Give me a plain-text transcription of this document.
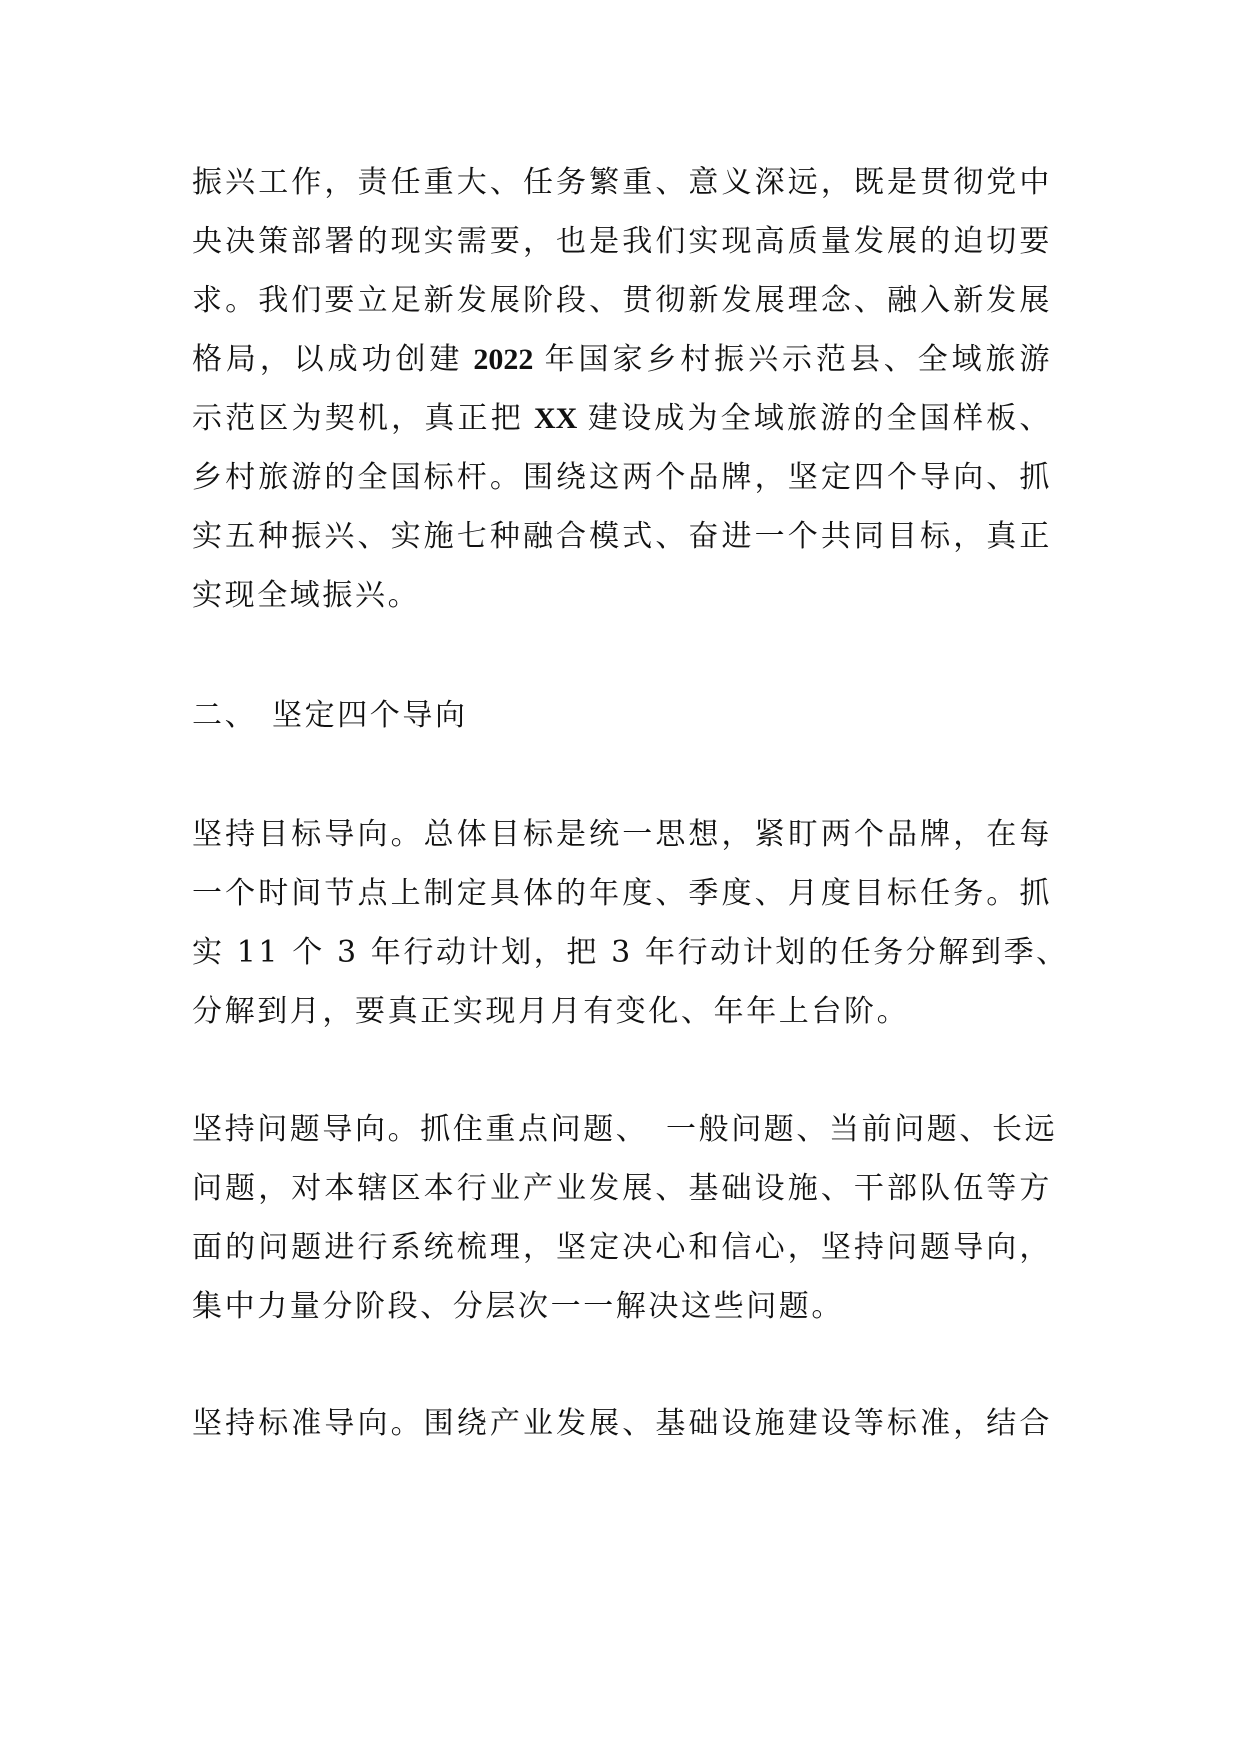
振兴工作，责任重大、任务繁重、意义深远，既是贯彻党中
央决策部署的现实需要，也是我们实现高质量发展的迫切要
求。我们要立足新发展阶段、贯彻新发展理念、融入新发展
格局，以成功创建 2022 年国家乡村振兴示范县、全域旅游
示范区为契机，真正把 XX 建设成为全域旅游的全国样板、
乡村旅游的全国标杆。围绕这两个品牌，坚定四个导向、抓
实五种振兴、实施七种融合模式、奋进一个共同目标，真正
实现全域振兴。

二、 坚定四个导向

坚持目标导向。总体目标是统一思想，紧盯两个品牌，在每
一个时间节点上制定具体的年度、季度、月度目标任务。抓
实 11 个 3 年行动计划，把 3 年行动计划的任务分解到季、
分解到月，要真正实现月月有变化、年年上台阶。

坚持问题导向。抓住重点问题、　一般问题、当前问题、长远
问题，对本辖区本行业产业发展、基础设施、干部队伍等方
面的问题进行系统梳理，坚定决心和信心，坚持问题导向，
集中力量分阶段、分层次一一解决这些问题。

坚持标准导向。围绕产业发展、基础设施建设等标准，结合
